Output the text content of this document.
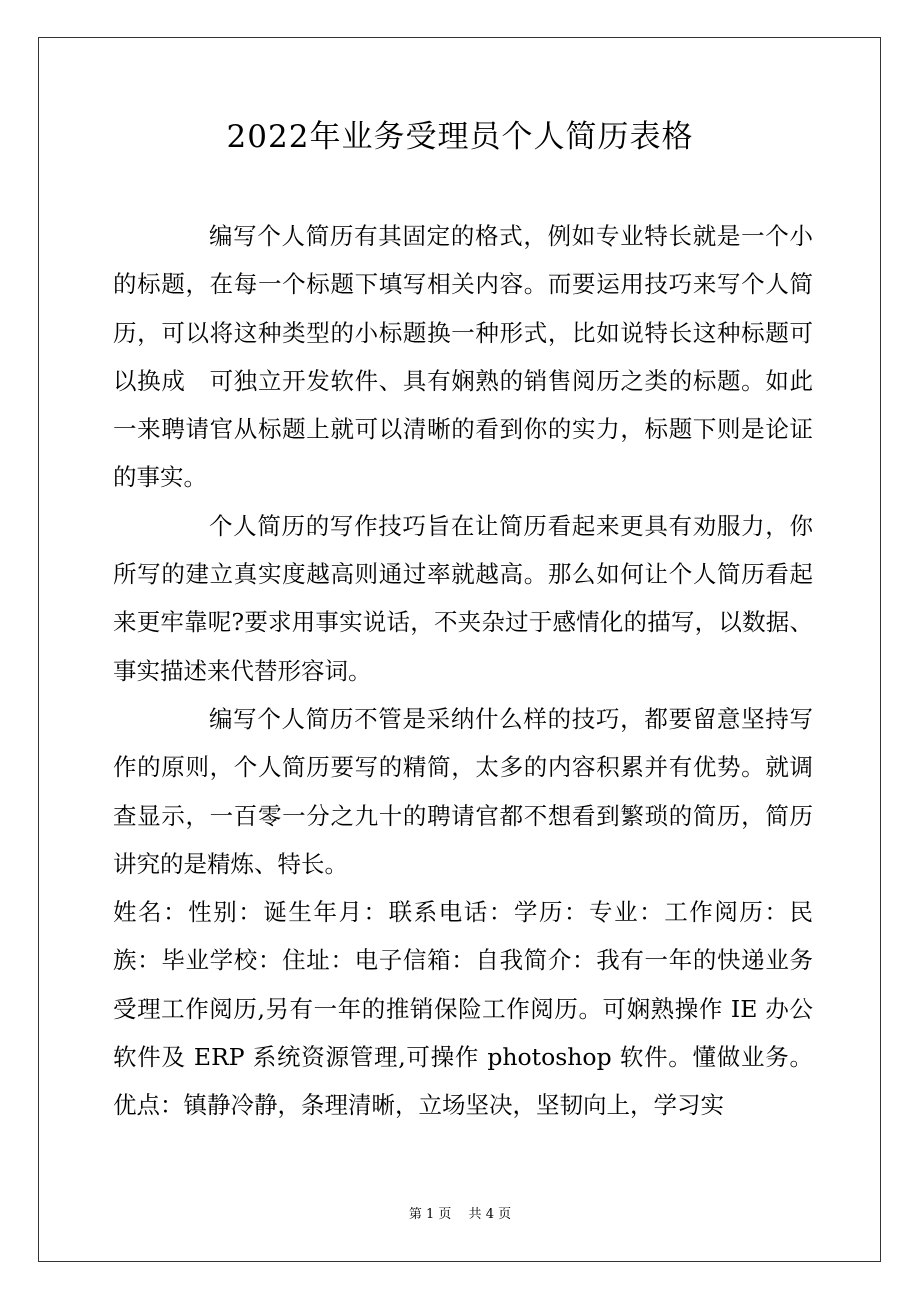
2022年业务受理员个人简历表格

编写个人简历有其固定的格式，例如专业特长就是一个小的标题，在每一个标题下填写相关内容。而要运用技巧来写个人简历，可以将这种类型的小标题换一种形式，比如说特长这种标题可以换成　可独立开发软件、具有娴熟的销售阅历之类的标题。如此一来聘请官从标题上就可以清晰的看到你的实力，标题下则是论证的事实。

个人简历的写作技巧旨在让简历看起来更具有劝服力，你所写的建立真实度越高则通过率就越高。那么如何让个人简历看起来更牢靠呢?要求用事实说话，不夹杂过于感情化的描写，以数据、事实描述来代替形容词。

编写个人简历不管是采纳什么样的技巧，都要留意坚持写作的原则，个人简历要写的精简，太多的内容积累并有优势。就调查显示，一百零一分之九十的聘请官都不想看到繁琐的简历，简历讲究的是精炼、特长。

姓名：性别：诞生年月：联系电话：学历：专业：工作阅历：民族：毕业学校：住址：电子信箱：自我简介：我有一年的快递业务受理工作阅历,另有一年的推销保险工作阅历。可娴熟操作 IE 办公软件及 ERP 系统资源管理,可操作 photoshop 软件。懂做业务。优点：镇静冷静，条理清晰，立场坚决，坚韧向上，学习实

第 1 页　 共 4 页
